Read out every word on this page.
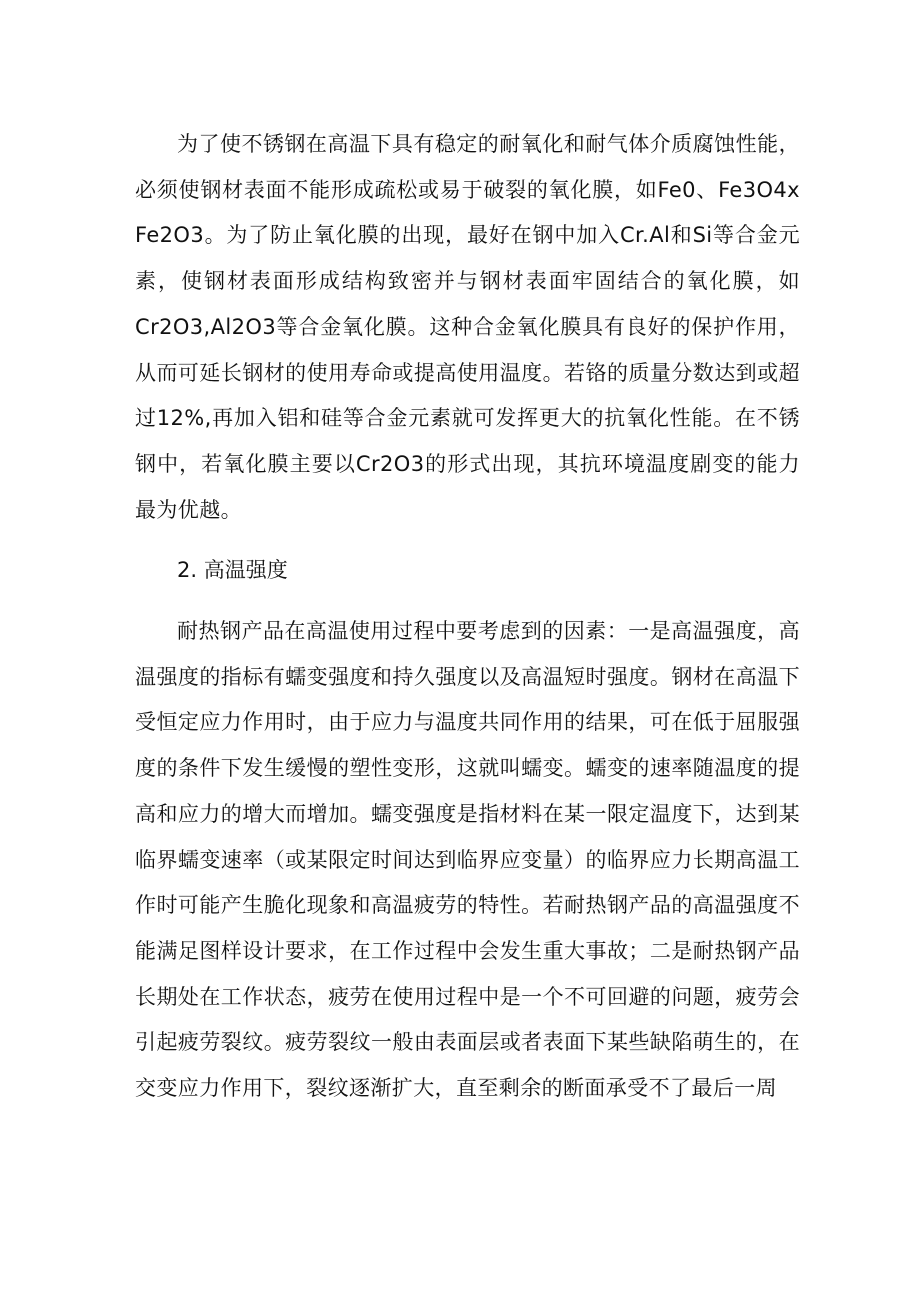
为了使不锈钢在高温下具有稳定的耐氧化和耐气体介质腐蚀性能，必须使钢材表面不能形成疏松或易于破裂的氧化膜，如Fe0、Fe3O4x Fe2O3。为了防止氧化膜的出现，最好在钢中加入Cr.Al和Si等合金元素，使钢材表面形成结构致密并与钢材表面牢固结合的氧化膜，如Cr2O3,Al2O3等合金氧化膜。这种合金氧化膜具有良好的保护作用，从而可延长钢材的使用寿命或提高使用温度。若铬的质量分数达到或超过12%,再加入铝和硅等合金元素就可发挥更大的抗氧化性能。在不锈钢中，若氧化膜主要以Cr2O3的形式出现，其抗环境温度剧变的能力最为优越。

2. 高温强度

耐热钢产品在高温使用过程中要考虑到的因素：一是高温强度，高温强度的指标有蠕变强度和持久强度以及高温短时强度。钢材在高温下受恒定应力作用时，由于应力与温度共同作用的结果，可在低于屈服强度的条件下发生缓慢的塑性变形，这就叫蠕变。蠕变的速率随温度的提高和应力的增大而增加。蠕变强度是指材料在某一限定温度下，达到某临界蠕变速率（或某限定时间达到临界应变量）的临界应力长期高温工作时可能产生脆化现象和高温疲劳的特性。若耐热钢产品的高温强度不能满足图样设计要求，在工作过程中会发生重大事故；二是耐热钢产品长期处在工作状态，疲劳在使用过程中是一个不可回避的问题，疲劳会引起疲劳裂纹。疲劳裂纹一般由表面层或者表面下某些缺陷萌生的，在交变应力作用下，裂纹逐渐扩大，直至剩余的断面承受不了最后一周
